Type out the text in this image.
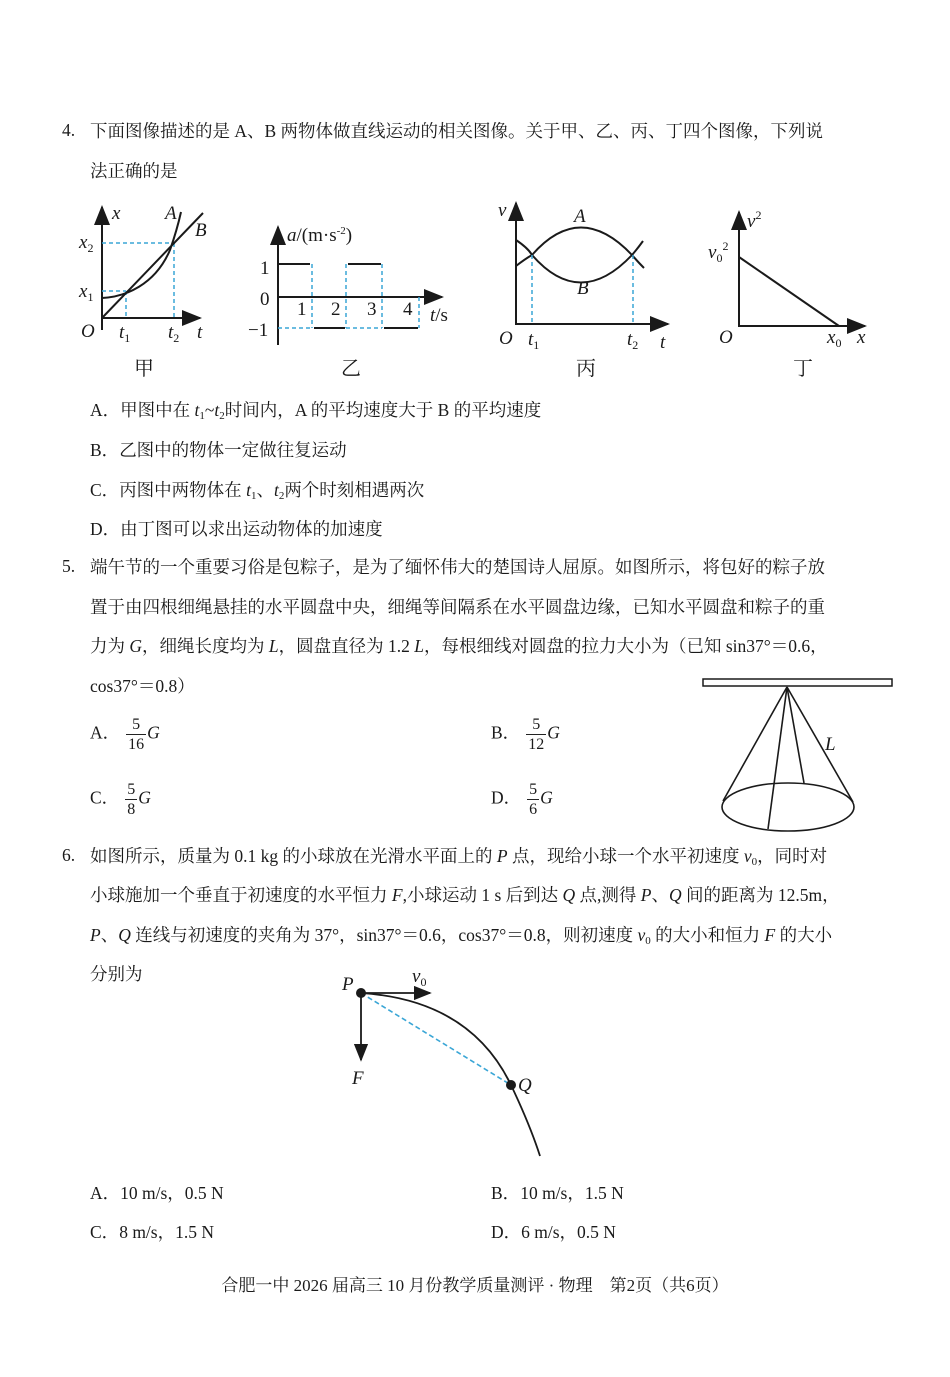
4. 下面图像描述的是 A、B 两物体做直线运动的相关图像。关于甲、乙、丙、丁四个图像，下列说
法正确的是
x A
B
$x_2$
$x_1$
O $t_1$ $t_2$ t
甲
$a/(m\cdot s^{-2})$
1
0
−1
1 2 3 4 t/s
乙
v	A
B
O $t_1$	$t_2$ t
丙
$v^2$
$v_0^2$
O	$x_0$ x
丁
A．甲图中在 $t_1\sim t_2$时间内，A 的平均速度大于 B 的平均速度
B．乙图中的物体一定做往复运动
C．丙图中两物体在 $t_1$、$t_2$两个时刻相遇两次
D．由丁图可以求出运动物体的加速度
5. 端午节的一个重要习俗是包粽子，是为了缅怀伟大的楚国诗人屈原。如图所示，将包好的粽子放
置于由四根细绳悬挂的水平圆盘中央，细绳等间隔系在水平圆盘边缘，已知水平圆盘和粽子的重
力为 G，细绳长度均为 L，圆盘直径为 1.2 L，每根细线对圆盘的拉力大小为（已知 sin37°＝0.6，
cos37°＝0.8）
L
A． $\frac{5}{16}$ G	B． $\frac{5}{12}$ G
C． $\frac{5}{8}$ G	D． $\frac{5}{6}$ G
6. 如图所示，质量为 0.1 kg 的小球放在光滑水平面上的 P 点，现给小球一个水平初速度 $v_0$，同时对
小球施加一个垂直于初速度的水平恒力 F,小球运动 1 s 后到达 Q 点,测得 P、Q 间的距离为 12.5m，
P、Q 连线与初速度的夹角为 37°，sin37°＝0.6，cos37°＝0.8，则初速度 $v_0$ 的大小和恒力 F 的大小
分别为	P	$v_0$
F	Q
A．10 m/s，0.5 N	B．10 m/s，1.5 N
C．8 m/s，1.5 N	D．6 m/s，0.5 N
合肥一中 2026 届高三 10 月份教学质量测评 · 物理　第2页（共6页）
